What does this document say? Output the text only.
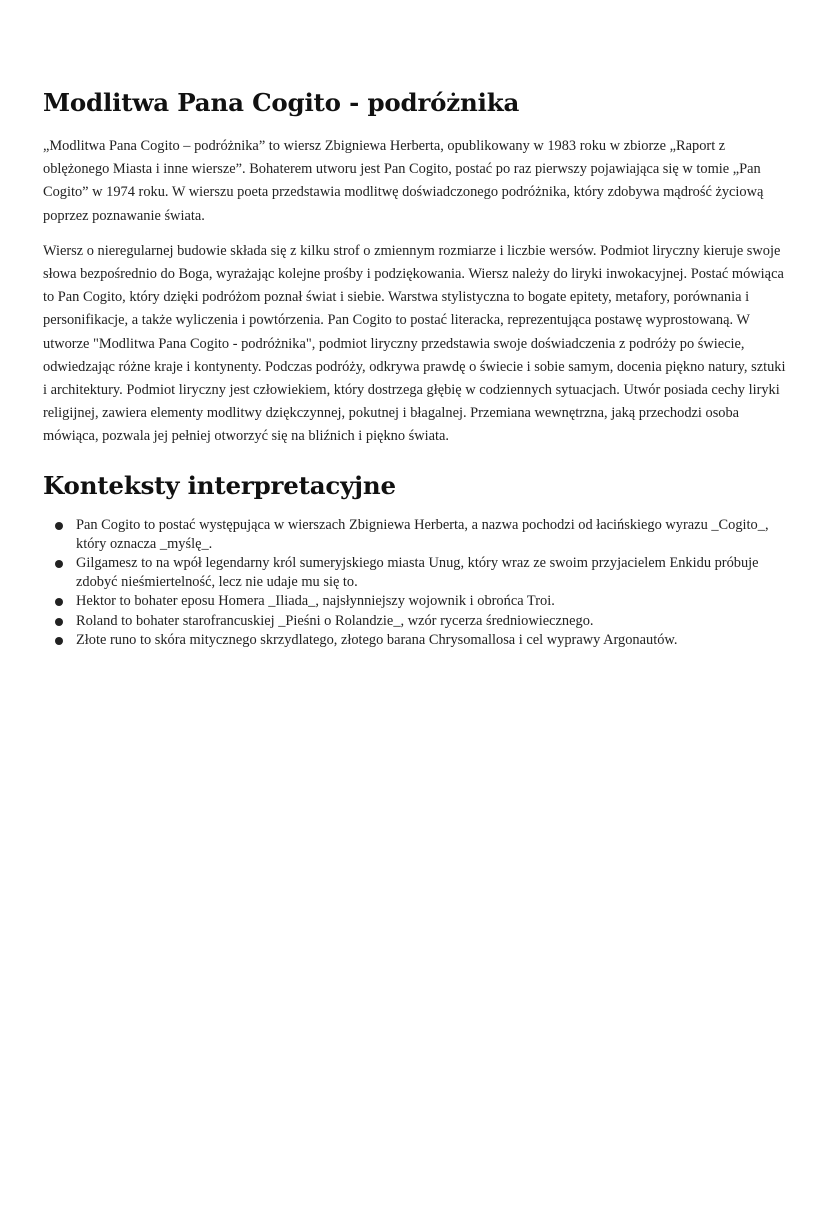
Modlitwa Pana Cogito - podróżnika

„Modlitwa Pana Cogito – podróżnika” to wiersz Zbigniewa Herberta, opublikowany w 1983 roku w zbiorze „Raport z oblężonego Miasta i inne wiersze”. Bohaterem utworu jest Pan Cogito, postać po raz pierwszy pojawiająca się w tomie „Pan Cogito” w 1974 roku. W wierszu poeta przedstawia modlitwę doświadczonego podróżnika, który zdobywa mądrość życiową poprzez poznawanie świata.

Wiersz o nieregularnej budowie składa się z kilku strof o zmiennym rozmiarze i liczbie wersów. Podmiot liryczny kieruje swoje słowa bezpośrednio do Boga, wyrażając kolejne prośby i podziękowania. Wiersz należy do liryki inwokacyjnej. Postać mówiąca to Pan Cogito, który dzięki podróżom poznał świat i siebie. Warstwa stylistyczna to bogate epitety, metafory, porównania i personifikacje, a także wyliczenia i powtórzenia. Pan Cogito to postać literacka, reprezentująca postawę wyprostowaną. W utworze "Modlitwa Pana Cogito - podróżnika", podmiot liryczny przedstawia swoje doświadczenia z podróży po świecie, odwiedzając różne kraje i kontynenty. Podczas podróży, odkrywa prawdę o świecie i sobie samym, docenia piękno natury, sztuki i architektury. Podmiot liryczny jest człowiekiem, który dostrzega głębię w codziennych sytuacjach. Utwór posiada cechy liryki religijnej, zawiera elementy modlitwy dziękczynnej, pokutnej i błagalnej. Przemiana wewnętrzna, jaką przechodzi osoba mówiąca, pozwala jej pełniej otworzyć się na bliźnich i piękno świata.

Konteksty interpretacyjne
Pan Cogito to postać występująca w wierszach Zbigniewa Herberta, a nazwa pochodzi od łacińskiego wyrazu _Cogito_, który oznacza _myślę_.
Gilgamesz to na wpół legendarny król sumeryjskiego miasta Unug, który wraz ze swoim przyjacielem Enkidu próbuje zdobyć nieśmiertelność, lecz nie udaje mu się to.
Hektor to bohater eposu Homera _Iliada_, najsłynniejszy wojownik i obrońca Troi.
Roland to bohater starofrancuskiej _Pieśni o Rolandzie_, wzór rycerza średniowiecznego.
Złote runo to skóra mitycznego skrzydlatego, złotego barana Chrysomallosa i cel wyprawy Argonautów.
